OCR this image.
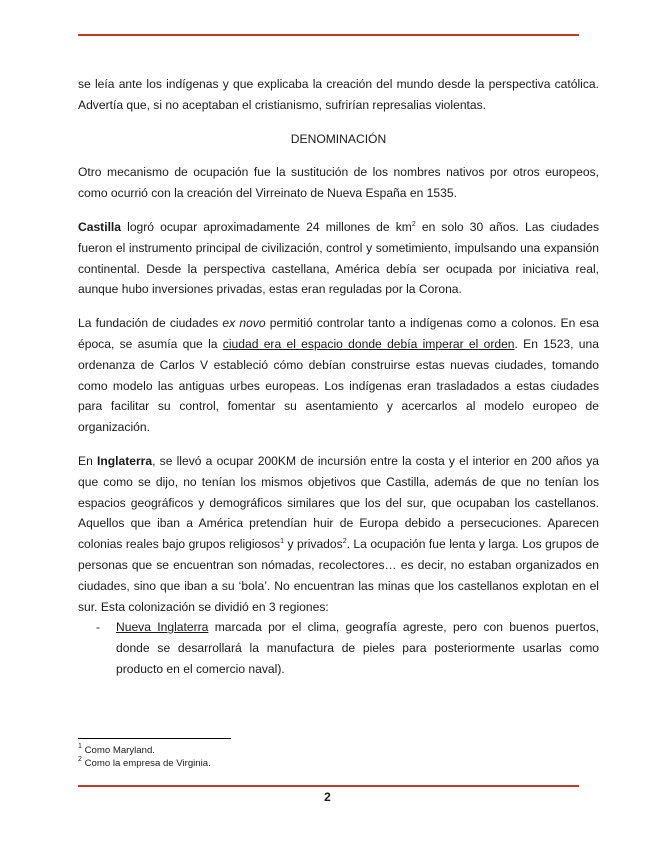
se leía ante los indígenas y que explicaba la creación del mundo desde la perspectiva católica. Advertía que, si no aceptaban el cristianismo, sufrirían represalias violentas.

DENOMINACIÓN

Otro mecanismo de ocupación fue la sustitución de los nombres nativos por otros europeos, como ocurrió con la creación del Virreinato de Nueva España en 1535.

Castilla logró ocupar aproximadamente 24 millones de $km^2$ en solo 30 años. Las ciudades fueron el instrumento principal de civilización, control y sometimiento, impulsando una expansión continental. Desde la perspectiva castellana, América debía ser ocupada por iniciativa real, aunque hubo inversiones privadas, estas eran reguladas por la Corona.

La fundación de ciudades ex novo permitió controlar tanto a indígenas como a colonos. En esa época, se asumía que la ciudad era el espacio donde debía imperar el orden. En 1523, una ordenanza de Carlos V estableció cómo debían construirse estas nuevas ciudades, tomando como modelo las antiguas urbes europeas. Los indígenas eran trasladados a estas ciudades para facilitar su control, fomentar su asentamiento y acercarlos al modelo europeo de organización.

En Inglaterra, se llevó a ocupar 200KM de incursión entre la costa y el interior en 200 años ya que como se dijo, no tenían los mismos objetivos que Castilla, además de que no tenían los espacios geográficos y demográficos similares que los del sur, que ocupaban los castellanos. Aquellos que iban a América pretendían huir de Europa debido a persecuciones. Aparecen colonias reales bajo grupos religiosos$^1$ y privados$^2$. La ocupación fue lenta y larga. Los grupos de personas que se encuentran son nómadas, recolectores… es decir, no estaban organizados en ciudades, sino que iban a su ‘bola’. No encuentran las minas que los castellanos explotan en el sur. Esta colonización se dividió en 3 regiones:

- Nueva Inglaterra marcada por el clima, geografía agreste, pero con buenos puertos, donde se desarrollará la manufactura de pieles para posteriormente usarlas como producto en el comercio naval).
$^1$ Como Maryland.
$^2$ Como la empresa de Virginia.
2
